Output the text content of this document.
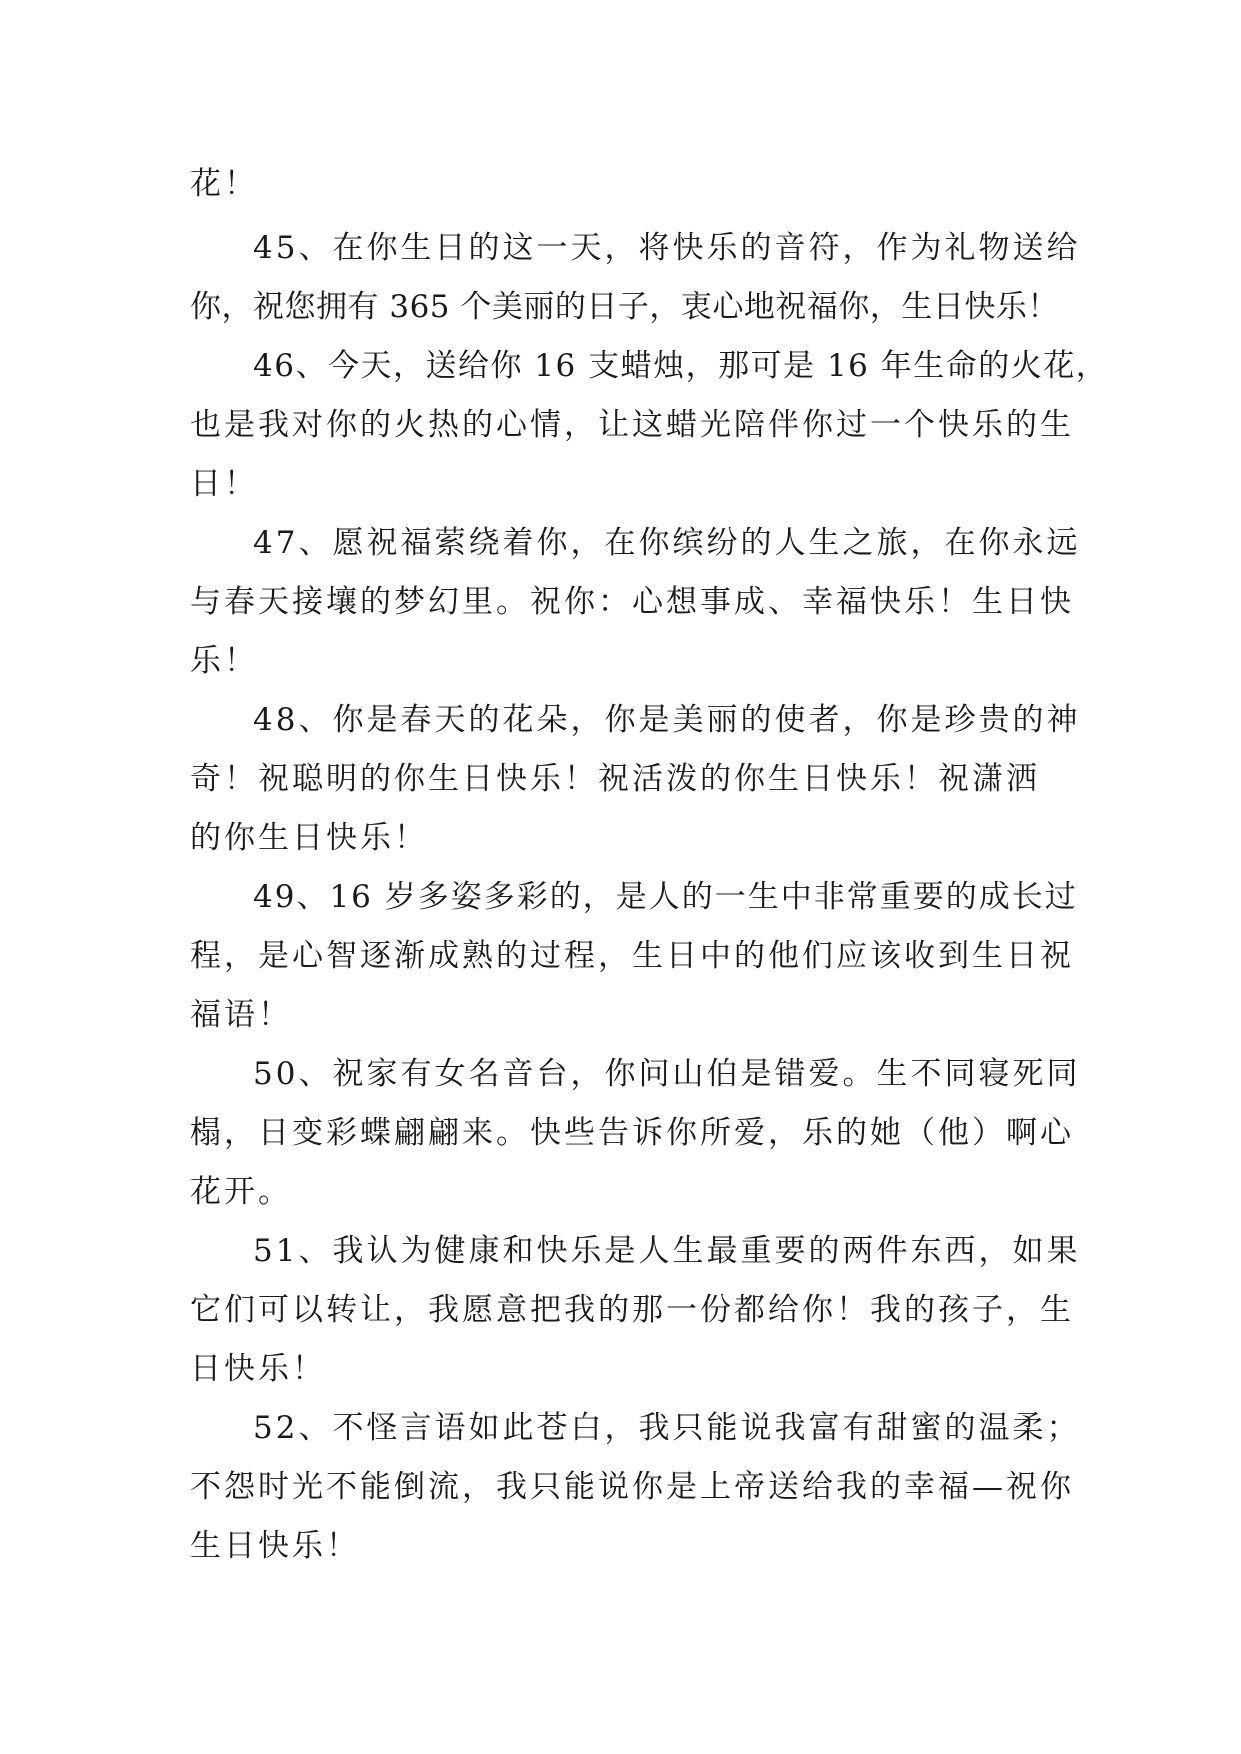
花！
45、在你生日的这一天，将快乐的音符，作为礼物送给
你，祝您拥有 365 个美丽的日子，衷心地祝福你，生日快乐！
46、今天，送给你 16 支蜡烛，那可是 16 年生命的火花，
也是我对你的火热的心情，让这蜡光陪伴你过一个快乐的生
日！
47、愿祝福萦绕着你，在你缤纷的人生之旅，在你永远
与春天接壤的梦幻里。祝你：心想事成、幸福快乐！生日快
乐！
48、你是春天的花朵，你是美丽的使者，你是珍贵的神
奇！祝聪明的你生日快乐！祝活泼的你生日快乐！祝潇洒
的你生日快乐！
49、16 岁多姿多彩的，是人的一生中非常重要的成长过
程，是心智逐渐成熟的过程，生日中的他们应该收到生日祝
福语！
50、祝家有女名音台，你问山伯是错爱。生不同寝死同
榻，日变彩蝶翩翩来。快些告诉你所爱，乐的她（他）啊心
花开。
51、我认为健康和快乐是人生最重要的两件东西，如果
它们可以转让，我愿意把我的那一份都给你！我的孩子，生
日快乐！
52、不怪言语如此苍白，我只能说我富有甜蜜的温柔；
不怨时光不能倒流，我只能说你是上帝送给我的幸福—祝你
生日快乐！
